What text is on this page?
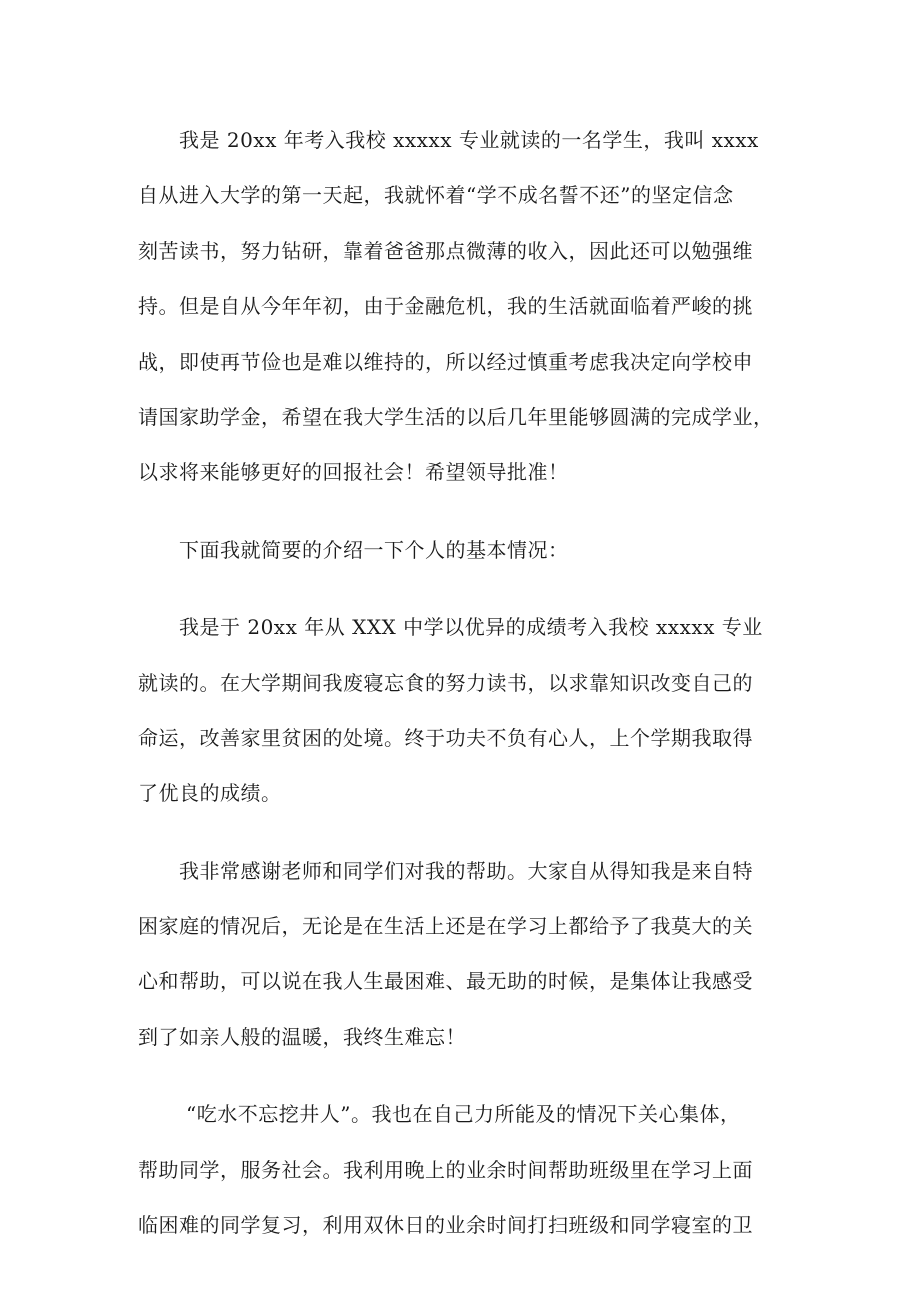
我是 20xx 年考入我校 xxxxx 专业就读的一名学生，我叫 xxxx
自从进入大学的第一天起，我就怀着“学不成名誓不还”的坚定信念
刻苦读书，努力钻研，靠着爸爸那点微薄的收入，因此还可以勉强维
持。但是自从今年年初，由于金融危机，我的生活就面临着严峻的挑
战，即使再节俭也是难以维持的，所以经过慎重考虑我决定向学校申
请国家助学金，希望在我大学生活的以后几年里能够圆满的完成学业，
以求将来能够更好的回报社会！希望领导批准！
下面我就简要的介绍一下个人的基本情况：
我是于 20xx 年从 XXX 中学以优异的成绩考入我校 xxxxx 专业
就读的。在大学期间我废寝忘食的努力读书，以求靠知识改变自己的
命运，改善家里贫困的处境。终于功夫不负有心人，上个学期我取得
了优良的成绩。
我非常感谢老师和同学们对我的帮助。大家自从得知我是来自特
困家庭的情况后，无论是在生活上还是在学习上都给予了我莫大的关
心和帮助，可以说在我人生最困难、最无助的时候，是集体让我感受
到了如亲人般的温暖，我终生难忘！
“吃水不忘挖井人”。我也在自己力所能及的情况下关心集体，
帮助同学，服务社会。我利用晚上的业余时间帮助班级里在学习上面
临困难的同学复习，利用双休日的业余时间打扫班级和同学寝室的卫
